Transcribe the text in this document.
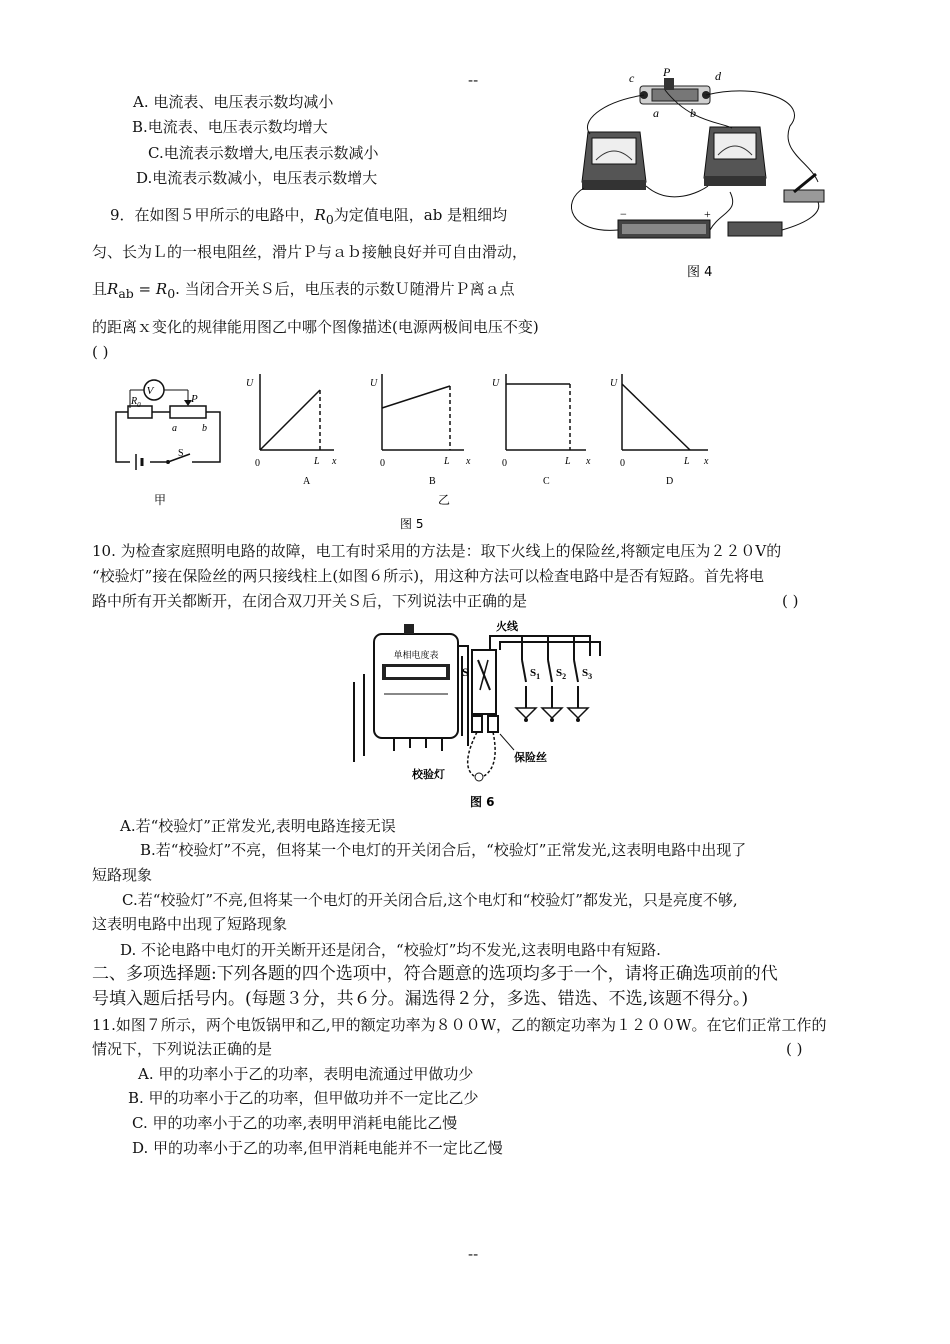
--
--
A. 电流表、电压表示数均减小
B.电流表、电压表示数均增大
C.电流表示数增大,电压表示数减小
D.电流表示数减小，电压表示数增大
9．在如图５甲所示的电路中，$R_0$为定值电阻，ab 是粗细均
匀、长为Ｌ的一根电阻丝，滑片Ｐ与ａｂ接触良好并可自由滑动，
且$R_{ab} = R_0$. 当闭合开关Ｓ后，电压表的示数Ｕ随滑片Ｐ离ａ点
的距离ｘ变化的规律能用图乙中哪个图像描述(电源两极间电压不变)
( )
c P	d
a	b
−	+
图 4
V
$R_0$	P
a	b
S
甲
U
0	L x
A
U
0	L x
B
U
0	L x
C
U
0	L x
D
乙
图 5
10. 为检查家庭照明电路的故障，电工有时采用的方法是：取下火线上的保险丝,将额定电压为２２０V的
“校验灯”接在保险丝的两只接线柱上(如图６所示)，用这种方法可以检查电路中是否有短路。首先将电
路中所有开关都断开，在闭合双刀开关Ｓ后，下列说法中正确的是	( )
单相电度表
S
保险丝
校验灯
火线
$S_1$ $S_2$ $S_3$
图 6
A.若“校验灯”正常发光,表明电路连接无误
B.若“校验灯”不亮，但将某一个电灯的开关闭合后，“校验灯”正常发光,这表明电路中出现了
短路现象
C.若“校验灯”不亮,但将某一个电灯的开关闭合后,这个电灯和“校验灯”都发光，只是亮度不够,
这表明电路中出现了短路现象
D. 不论电路中电灯的开关断开还是闭合，“校验灯”均不发光,这表明电路中有短路.
二、多项选择题:下列各题的四个选项中，符合题意的选项均多于一个，请将正确选项前的代
号填入题后括号内。(每题３分，共６分。漏选得２分，多选、错选、不选,该题不得分。)
11.如图７所示，两个电饭锅甲和乙,甲的额定功率为８００W，乙的额定功率为１２００W。在它们正常工作的
情况下，下列说法正确的是	( )
A. 甲的功率小于乙的功率，表明电流通过甲做功少
B. 甲的功率小于乙的功率，但甲做功并不一定比乙少
C. 甲的功率小于乙的功率,表明甲消耗电能比乙慢
D. 甲的功率小于乙的功率,但甲消耗电能并不一定比乙慢
